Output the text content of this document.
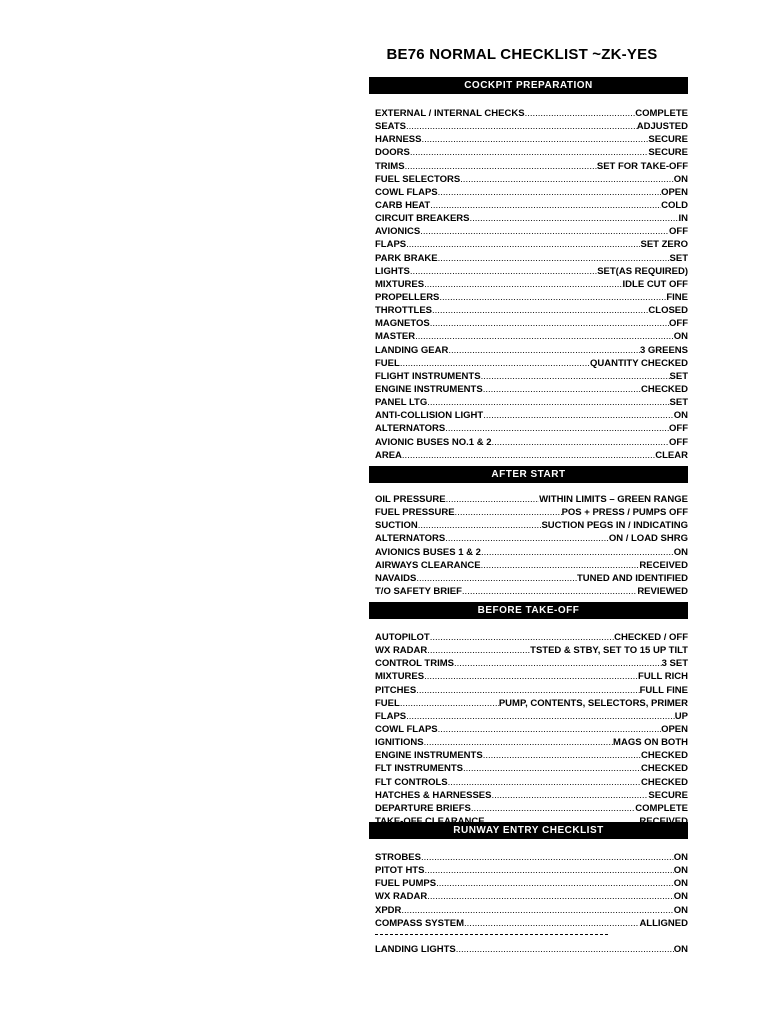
BE76 NORMAL CHECKLIST ~ZK-YES
COCKPIT PREPARATION
EXTERNAL / INTERNAL CHECKS .....	COMPLETE
SEATS .....	ADJUSTED
HARNESS .....	SECURE
DOORS .....	SECURE
TRIMS .....	SET FOR TAKE-OFF
FUEL SELECTORS .....	ON
COWL FLAPS .....	OPEN
CARB HEAT .....	COLD
CIRCUIT BREAKERS .....	IN
AVIONICS .....	OFF
FLAPS .....	SET ZERO
PARK BRAKE .....	SET
LIGHTS .....	SET(AS REQUIRED)
MIXTURES .....	IDLE CUT OFF
PROPELLERS .....	FINE
THROTTLES .....	CLOSED
MAGNETOS .....	OFF
MASTER .....	ON
LANDING GEAR .....	3 GREENS
FUEL .....	QUANTITY CHECKED
FLIGHT INSTRUMENTS .....	SET
ENGINE INSTRUMENTS .....	CHECKED
PANEL LTG .....	SET
ANTI-COLLISION LIGHT .....	ON
ALTERNATORS .....	OFF
AVIONIC BUSES NO.1 & 2 .....	OFF
AREA .....	CLEAR
AFTER START
OIL PRESSURE .....	WITHIN LIMITS – GREEN RANGE
FUEL PRESSURE .....	POS + PRESS / PUMPS OFF
SUCTION .....	SUCTION PEGS IN / INDICATING
ALTERNATORS .....	ON / LOAD SHRG
AVIONICS BUSES 1 & 2 .....	ON
AIRWAYS CLEARANCE .....	RECEIVED
NAVAIDS .....	TUNED AND IDENTIFIED
T/O SAFETY BRIEF .....	REVIEWED
BEFORE TAKE-OFF
AUTOPILOT .....	CHECKED / OFF
WX RADAR .....	TSTED & STBY, SET TO 15 UP TILT
CONTROL TRIMS .....	3 SET
MIXTURES .....	FULL RICH
PITCHES .....	FULL FINE
FUEL .....	PUMP, CONTENTS, SELECTORS, PRIMER
FLAPS .....	UP
COWL FLAPS .....	OPEN
IGNITIONS .....	MAGS ON BOTH
ENGINE INSTRUMENTS .....	CHECKED
FLT INSTRUMENTS .....	CHECKED
FLT CONTROLS .....	CHECKED
HATCHES & HARNESSES .....	SECURE
DEPARTURE BRIEFS .....	COMPLETE
.....
RUNWAY ENTRY CHECKLIST
STROBES .....	ON
PITOT HTS .....	ON
FUEL PUMPS .....	ON
WX RADAR .....	ON
XPDR .....	ON
COMPASS SYSTEM .....	ALLIGNED
LANDING LIGHTS .....	ON
